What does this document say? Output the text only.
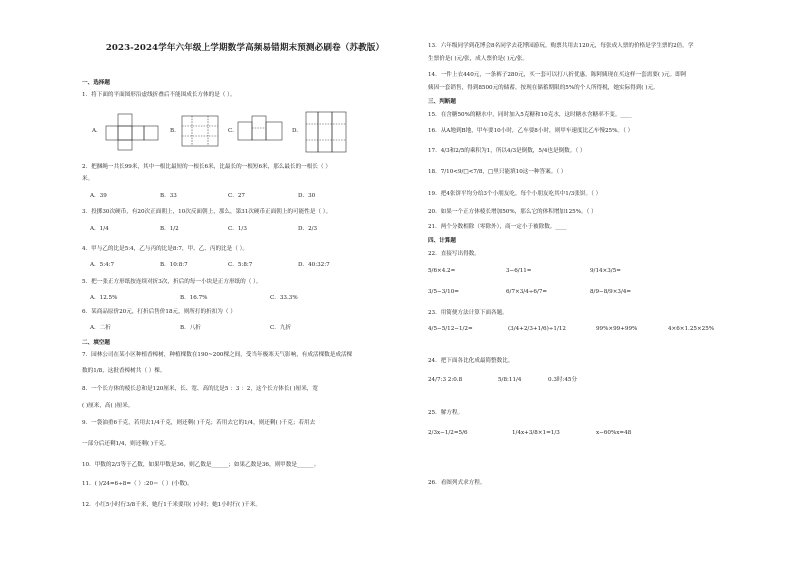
2023-2024学年六年级上学期数学高频易错期末预测必刷卷（苏教版）
一、选择题
1．将下面的平面图形沿虚线折叠后不能围成长方体的是（ ）。
A.	B.	C.	D.
2．把捆绳一共长99米，其中一根比最短的一根长6米，比最长的一根短6米，那么最长的一根长（ ）
米。
A．39	B．33	C．27	D．30
3．投掷30次硬币，有20次正面朝上，10次反面朝上，那么，第31次硬币正面朝上的可能性是（ ）。
A．1/4	B．1/2	C．1/3	D．2/3
4．甲与乙的比是5:4，乙与丙的比是8:7，甲、乙、丙的比是（ ）。
A．5:4:7	B．10:8:7	C．5:8:7	D．40:32:7
5．把一张正方形纸按连续对折3次，折后的每一小块是正方形纸的（ ）。
A．12.5%	B．16.7%	C．33.3%
6．某商品原价20元，打折后售价18元，则所打的折扣为（ ）
A．二折	B．八折	C．九折
二、填空题
7．园林公司在某小区种植香樟树，种植棵数在190~200棵之间，受当年极寒天气影响，有成活棵数是成活棵
数的1/8，这批香樟树共（ ）棵。
8．一个长方体的棱长总和是120厘米，长、宽、高的比是5 ：3 ：2，这个长方体长( )厘米，宽
( )厘米，高( )厘米。
9．一袋油重6千克，若用去1/4千克，则还剩( )千克；若用去它的1/4，则还剩( )千克；若用去
一部分后还剩1/4，则还剩( )千克。
10．甲数的2/3等于乙数，如果甲数是36，则乙数是______；如果乙数是36，则甲数是______。
11．( )/24=6÷8=（ ）:20＝（ ）(小数)。
12．小红5小时行3/8千米，她行1千米要用( )小时；她1小时行( )千米。
13．六年级同学到花博会8名同学去花博园游玩，购票共用去120元，每张成人票的价格是学生票的2倍。学
生票价是( )元/张，成人票价是( )元/张。
14．一件上衣440元，一条裤子280元，买一套可以打八折优惠，陈阿姨现在买这样一套需要( )元。即阿
姨因一套销售，得到8500元的储蓄，按现在储蓄期限的5%的个人所得税，她实际得到( )元。
三、判断题
15．在含糖50%的糖水中，同时加入5克糖和10克水，这时糖水含糖率不变。____
16．从A地到B地，甲车要10小时，乙车要8小时，则甲车速度比乙车慢25%。（ ）
17．4/3和2/5的乘积为1，所以4/3是倒数，5/4也是倒数。（ ）
18．7/10<9/□<7/8，□里只能填10这一种答案。（ ）
19．把4张饼平均分给3个小朋友吃，每个小朋友吃其中1/3张饼。（ ）
20．如果一个正方体棱长增加50%，那么它的体积增加125%。（ ）
21．两个分数相除（零除外），商一定小于被除数。____
四、计算题
22．直接写出得数。
5/6×4.2=	3−6/11=	9/14×3/5=
3/5−3/10=	6/7×3/4÷6/7=	8/9−8/9×3/4=
23．用简便方法计算下面各题。
4/5−5/12−1/2=	(3/4+2/3+1/6)÷1/12	99%×99+99%	4×6×1.25×25%
24．把下面各比化成最简整数比。
24/7:3 2:0.8	5/8:11/4	0.3时:45分
25．解方程。
2/3x−1/2=5/6	1/4x+3/8×1=1/3	x−60%x=48
26．看图列式求方程。
